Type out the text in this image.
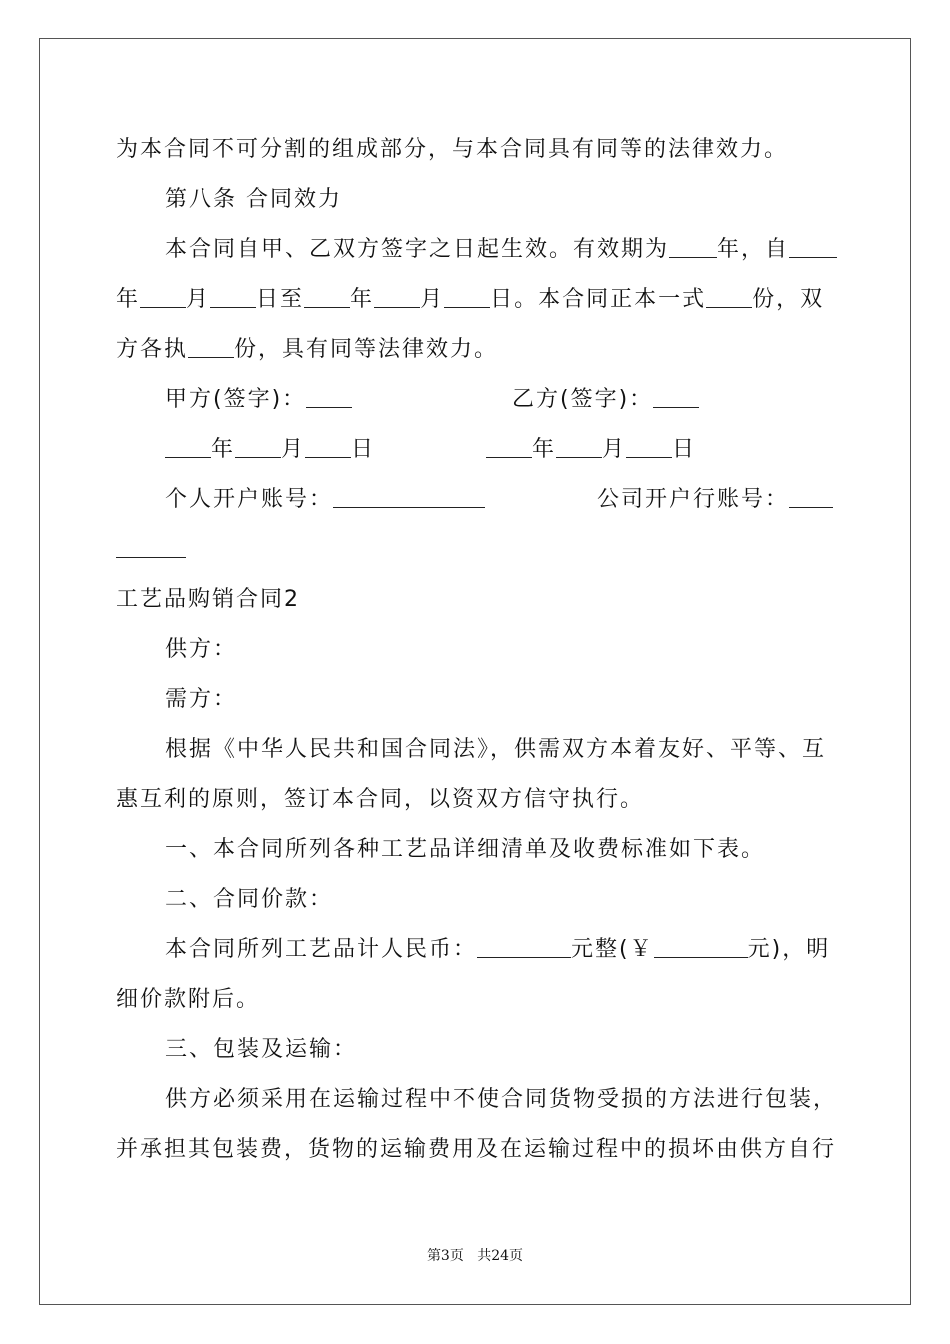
为本合同不可分割的组成部分，与本合同具有同等的法律效力。
第八条 合同效力
本合同自甲、乙双方签字之日起生效。有效期为 年，自
年 月 日至 年 月 日。本合同正本一式 份，双
方各执 份，具有同等法律效力。
甲方(签字)：	乙方(签字)：
年 月 日	年 月 日
个人开户账号：	公司开户行账号：
工艺品购销合同2
供方：
需方：
根据《中华人民共和国合同法》，供需双方本着友好、平等、互
惠互利的原则，签订本合同，以资双方信守执行。
一、本合同所列各种工艺品详细清单及收费标准如下表。
二、合同价款：
本合同所列工艺品计人民币：	元整(￥	元)，明
细价款附后。
三、包装及运输：
供方必须采用在运输过程中不使合同货物受损的方法进行包装，
并承担其包装费，货物的运输费用及在运输过程中的损坏由供方自行
第3页 共24页
